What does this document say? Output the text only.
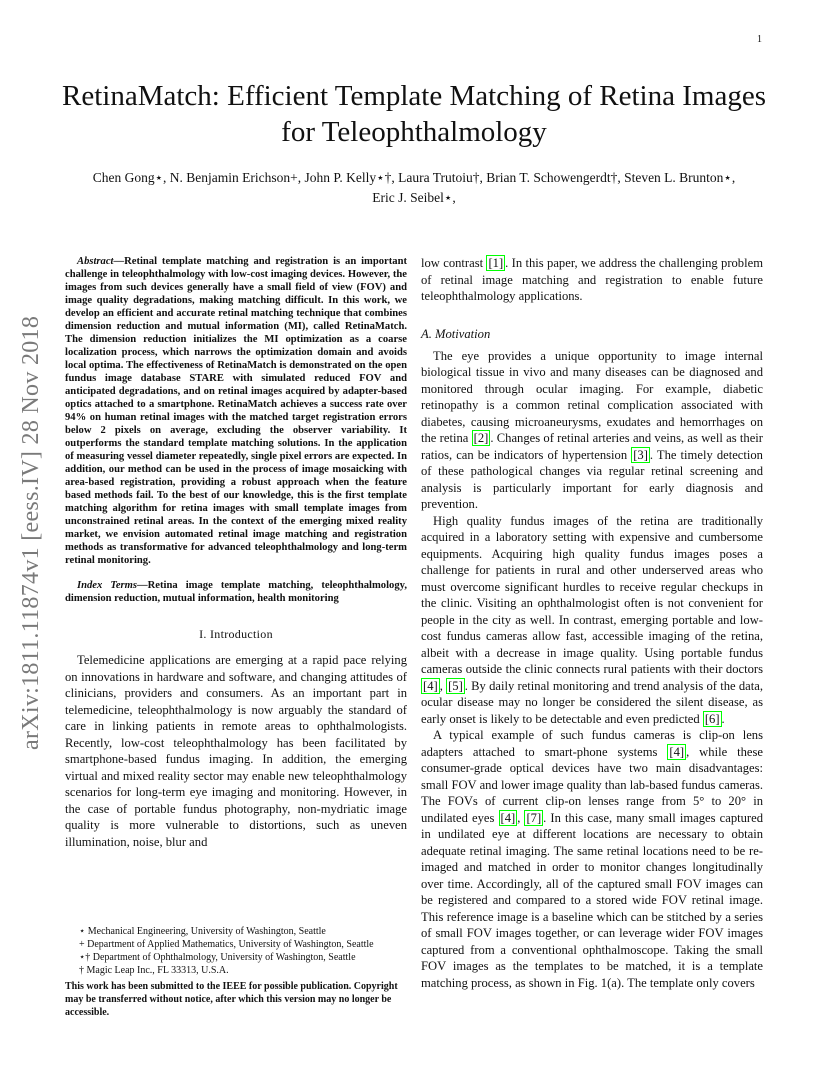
1
arXiv:1811.11874v1 [eess.IV] 28 Nov 2018
RetinaMatch: Efficient Template Matching of Retina Images for Teleophthalmology
Chen Gong⋆, N. Benjamin Erichson+, John P. Kelly⋆†, Laura Trutoiu†, Brian T. Schowengerdt†, Steven L. Brunton⋆, Eric J. Seibel⋆,

Abstract—Retinal template matching and registration is an important challenge in teleophthalmology with low-cost imaging devices. However, the images from such devices generally have a small field of view (FOV) and image quality degradations, making matching difficult. In this work, we develop an efficient and accurate retinal matching technique that combines dimension reduction and mutual information (MI), called RetinaMatch. The dimension reduction initializes the MI optimization as a coarse localization process, which narrows the optimization domain and avoids local optima. The effectiveness of RetinaMatch is demonstrated on the open fundus image database STARE with simulated reduced FOV and anticipated degradations, and on retinal images acquired by adapter-based optics attached to a smartphone. RetinaMatch achieves a success rate over 94% on human retinal images with the matched target registration errors below 2 pixels on average, excluding the observer variability. It outperforms the standard template matching solutions. In the application of measuring vessel diameter repeatedly, single pixel errors are expected. In addition, our method can be used in the process of image mosaicking with area-based registration, providing a robust approach when the feature based methods fail. To the best of our knowledge, this is the first template matching algorithm for retina images with small template images from unconstrained retinal areas. In the context of the emerging mixed reality market, we envision automated retinal image matching and registration methods as transformative for advanced teleophthalmology and long-term retinal monitoring.

Index Terms—Retina image template matching, teleophthalmology, dimension reduction, mutual information, health monitoring

I. Introduction

Telemedicine applications are emerging at a rapid pace relying on innovations in hardware and software, and changing attitudes of clinicians, providers and consumers. As an important part in telemedicine, teleophthalmology is now arguably the standard of care in linking patients in remote areas to ophthalmologists. Recently, low-cost teleophthalmology has been facilitated by smartphone-based fundus imaging. In addition, the emerging virtual and mixed reality sector may enable new teleophthalmology scenarios for long-term eye imaging and monitoring. However, in the case of portable fundus photography, non-mydriatic image quality is more vulnerable to distortions, such as uneven illumination, noise, blur and

⋆ Mechanical Engineering, University of Washington, Seattle
+ Department of Applied Mathematics, University of Washington, Seattle
⋆† Department of Ophthalmology, University of Washington, Seattle
† Magic Leap Inc., FL 33313, U.S.A.
This work has been submitted to the IEEE for possible publication. Copyright may be transferred without notice, after which this version may no longer be accessible.

low contrast [1] . In this paper, we address the challenging problem of retinal image matching and registration to enable future teleophthalmology applications.

A. Motivation

The eye provides a unique opportunity to image internal biological tissue in vivo and many diseases can be diagnosed and monitored through ocular imaging. For example, diabetic retinopathy is a common retinal complication associated with diabetes, causing microaneurysms, exudates and hemorrhages on the retina [2] . Changes of retinal arteries and veins, as well as their ratios, can be indicators of hypertension [3] . The timely detection of these pathological changes via regular retinal screening and analysis is particularly important for early diagnosis and prevention.

High quality fundus images of the retina are traditionally acquired in a laboratory setting with expensive and cumbersome equipments. Acquiring high quality fundus images poses a challenge for patients in rural and other underserved areas who must overcome significant hurdles to receive regular checkups in the clinic. Visiting an ophthalmologist often is not convenient for people in the city as well. In contrast, emerging portable and low-cost fundus cameras allow fast, accessible imaging of the retina, albeit with a decrease in image quality. Using portable fundus cameras outside the clinic connects rural patients with their doctors [4] , [5] . By daily retinal monitoring and trend analysis of the data, ocular disease may no longer be considered the silent disease, as early onset is likely to be detectable and even predicted [6] .

A typical example of such fundus cameras is clip-on lens adapters attached to smart-phone systems [4] , while these consumer-grade optical devices have two main disadvantages: small FOV and lower image quality than lab-based fundus cameras. The FOVs of current clip-on lenses range from 5° to 20° in undilated eyes [4] , [7] . In this case, many small images captured in undilated eye at different locations are necessary to obtain adequate retinal imaging. The same retinal locations need to be re-imaged and matched in order to monitor changes longitudinally over time. Accordingly, all of the captured small FOV images can be registered and compared to a stored wide FOV retinal image. This reference image is a baseline which can be stitched by a series of small FOV images together, or can leverage wider FOV images captured from a conventional ophthalmoscope. Taking the small FOV images as the templates to be matched, it is a template matching process, as shown in Fig. 1(a). The template only covers
